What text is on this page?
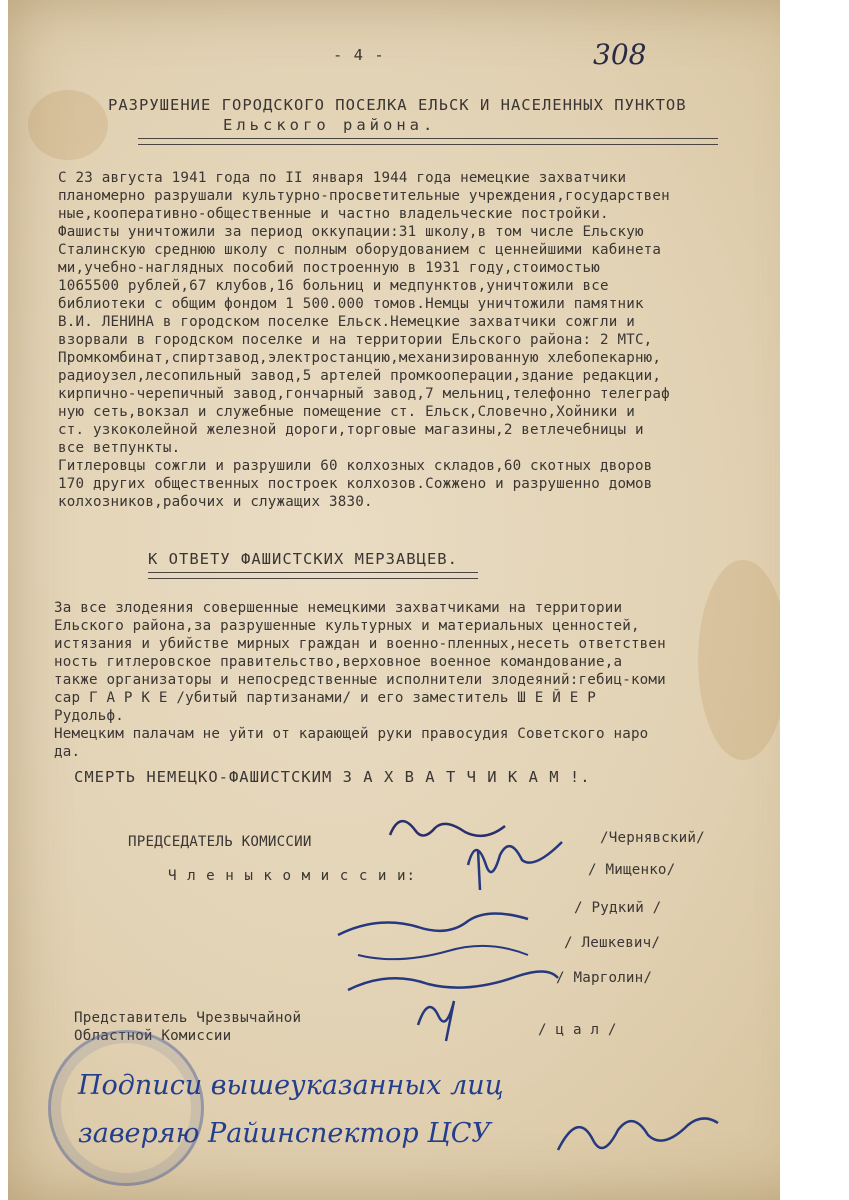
- 4 -	308
РАЗРУШЕНИЕ ГОРОДСКОГО ПОСЕЛКА ЕЛЬСК И НАСЕЛЕННЫХ ПУНКТОВ
Ельского района.
С 23 августа 1941 года по II января 1944 года немецкие захватчики
планомерно разрушали культурно-просветительные учреждения,государствен
ные,кооперативно-общественные и частно владельческие постройки.
Фашисты уничтожили за период оккупации:31 школу,в том числе Ельскую
Сталинскую среднюю школу с полным оборудованием с ценнейшими кабинета
ми,учебно-наглядных пособий построенную в 1931 году,стоимостью
1065500 рублей,67 клубов,16 больниц и медпунктов,уничтожили все
библиотеки с общим фондом 1 500.000 томов.Немцы уничтожили памятник
В.И. ЛЕНИНА в городском поселке Ельск.Немецкие захватчики сожгли и
взорвали в городском поселке и на территории Ельского района: 2 МТС,
Промкомбинат,спиртзавод,электростанцию,механизированную хлебопекарню,
радиоузел,лесопильный завод,5 артелей промкооперации,здание редакции,
кирпично-черепичный завод,гончарный завод,7 мельниц,телефонно телеграф
ную сеть,вокзал и служебные помещение ст. Ельск,Словечно,Хойники и
ст. узкоколейной железной дороги,торговые магазины,2 ветлечебницы и
все ветпункты.
Гитлеровцы сожгли и разрушили 60 колхозных складов,60 скотных дворов
170 других общественных построек колхозов.Сожжено и разрушенно домов
колхозников,рабочих и служащих 3830.
К ОТВЕТУ ФАШИСТСКИХ МЕРЗАВЦЕВ.
За все злодеяния совершенные немецкими захватчиками на территории
Ельского района,за разрушенные культурных и материальных ценностей,
истязания и убийстве мирных граждан и военно-пленных,несеть ответствен
ность гитлеровское правительство,верховное военное командование,а
также организаторы и непосредственные исполнители злодеяний:гебиц-коми
сар Г А Р К Е /убитый партизанами/ и его заместитель Ш Е Й Е Р
Рудольф.
Немецким палачам не уйти от карающей руки правосудия Советского наро
да.
СМЕРТЬ НЕМЕЦКО-ФАШИСТСКИМ З А Х В А Т Ч И К А М !.
ПРЕДСЕДАТЕЛЬ КОМИССИИ
Ч л е н ы к о м и с с и и:
/Чернявский/
/ Мищенко/
/ Рудкий /
/ Лешкевич/
/ Марголин/
Представитель Чрезвычайной
Областной Комиссии	/ ц а л /
Подписи вышеуказанных лиц
заверяю Райинспектор ЦСУ
